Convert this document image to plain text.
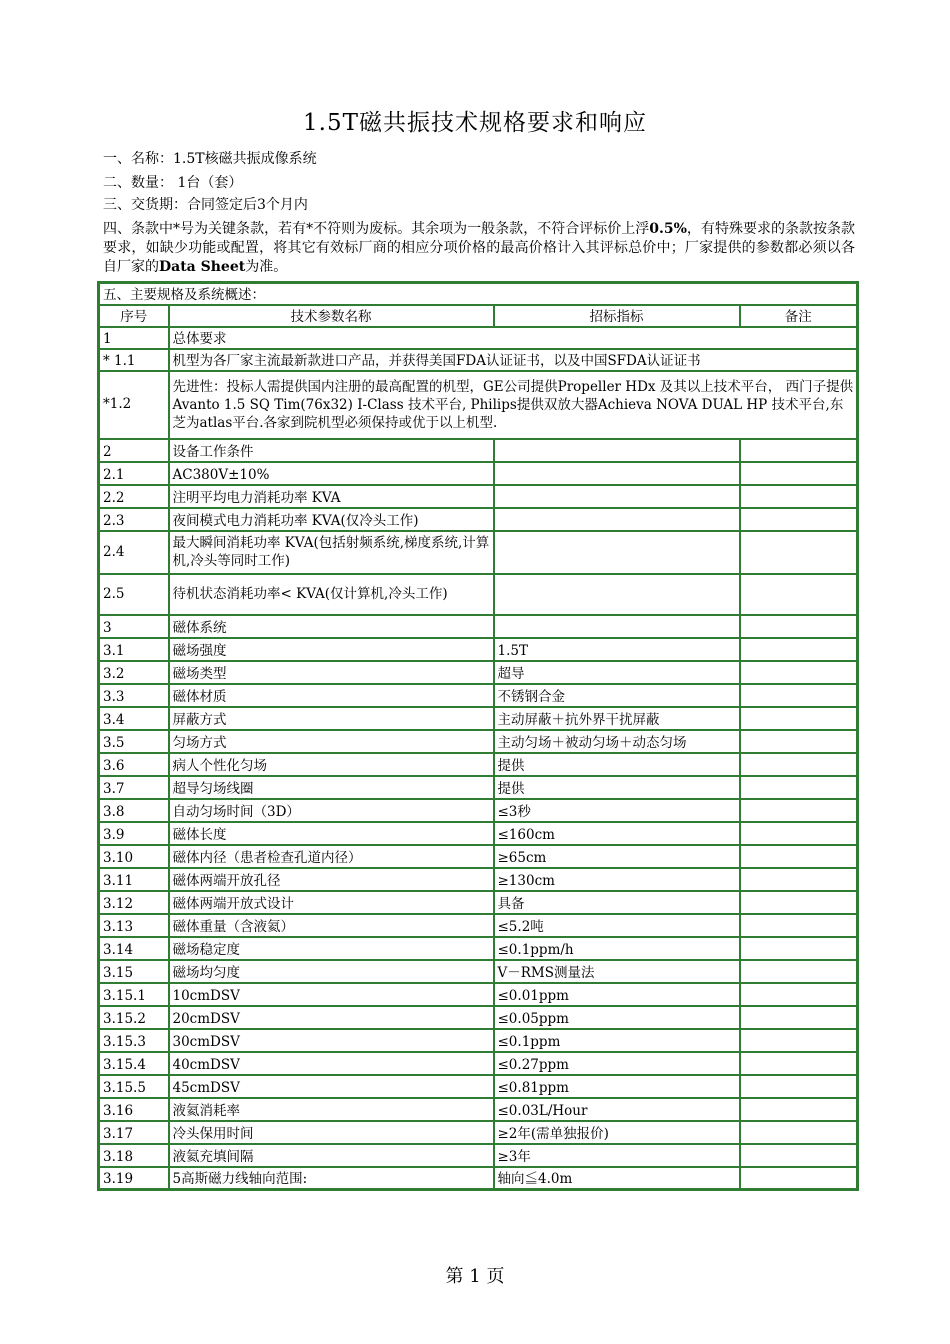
1.5T磁共振技术规格要求和响应
一、名称：1.5T核磁共振成像系统
二、数量： 1台（套）
三、交货期：合同签定后3个月内
四、条款中*号为关键条款，若有*不符则为废标。其余项为一般条款，不符合评标价上浮0.5%，有特殊要求的条款按条款要求，如缺少功能或配置，将其它有效标厂商的相应分项价格的最高价格计入其评标总价中；厂家提供的参数都必须以各自厂家的Data Sheet为准。
五、主要规格及系统概述：			
序号	技术参数名称	招标指标	备注
1	总体要求		
* 1.1	机型为各厂家主流最新款进口产品，并获得美国FDA认证证书，以及中国SFDA认证证书		
*1.2	先进性：投标人需提供国内注册的最高配置的机型，GE公司提供Propeller HDx 及其以上技术平台， 西门子提供Avanto 1.5 SQ Tim(76x32) I-Class 技术平台, Philips提供双放大器Achieva NOVA DUAL HP 技术平台,东芝为atlas平台.各家到院机型必须保持或优于以上机型.		
2	设备工作条件		
2.1	AC380V±10%		
2.2	注明平均电力消耗功率 KVA		
2.3	夜间模式电力消耗功率 KVA(仅冷头工作)		
2.4	最大瞬间消耗功率 KVA(包括射频系统,梯度系统,计算机,冷头等同时工作)		
2.5	待机状态消耗功率< KVA(仅计算机,冷头工作)		
3	磁体系统		
3.1	磁场强度	1.5T	
3.2	磁场类型	超导	
3.3	磁体材质	不锈钢合金	
3.4	屏蔽方式	主动屏蔽＋抗外界干扰屏蔽	
3.5	匀场方式	主动匀场＋被动匀场＋动态匀场	
3.6	病人个性化匀场	提供	
3.7	超导匀场线圈	提供	
3.8	自动匀场时间（3D）	≤3秒	
3.9	磁体长度	≤160cm	
3.10	磁体内径（患者检查孔道内径）	≥65cm	
3.11	磁体两端开放孔径	≥130cm	
3.12	磁体两端开放式设计	具备	
3.13	磁体重量（含液氦）	≤5.2吨	
3.14	磁场稳定度	≤0.1ppm/h	
3.15	磁场均匀度	V－RMS测量法	
3.15.1	10cmDSV	≤0.01ppm	
3.15.2	20cmDSV	≤0.05ppm	
3.15.3	30cmDSV	≤0.1ppm	
3.15.4	40cmDSV	≤0.27ppm	
3.15.5	45cmDSV	≤0.81ppm	
3.16	液氦消耗率	≤0.03L/Hour	
3.17	冷头保用时间	≥2年(需单独报价)	
3.18	液氦充填间隔	≥3年	
3.19	5高斯磁力线轴向范围:	轴向≦4.0m	
第 1 页
